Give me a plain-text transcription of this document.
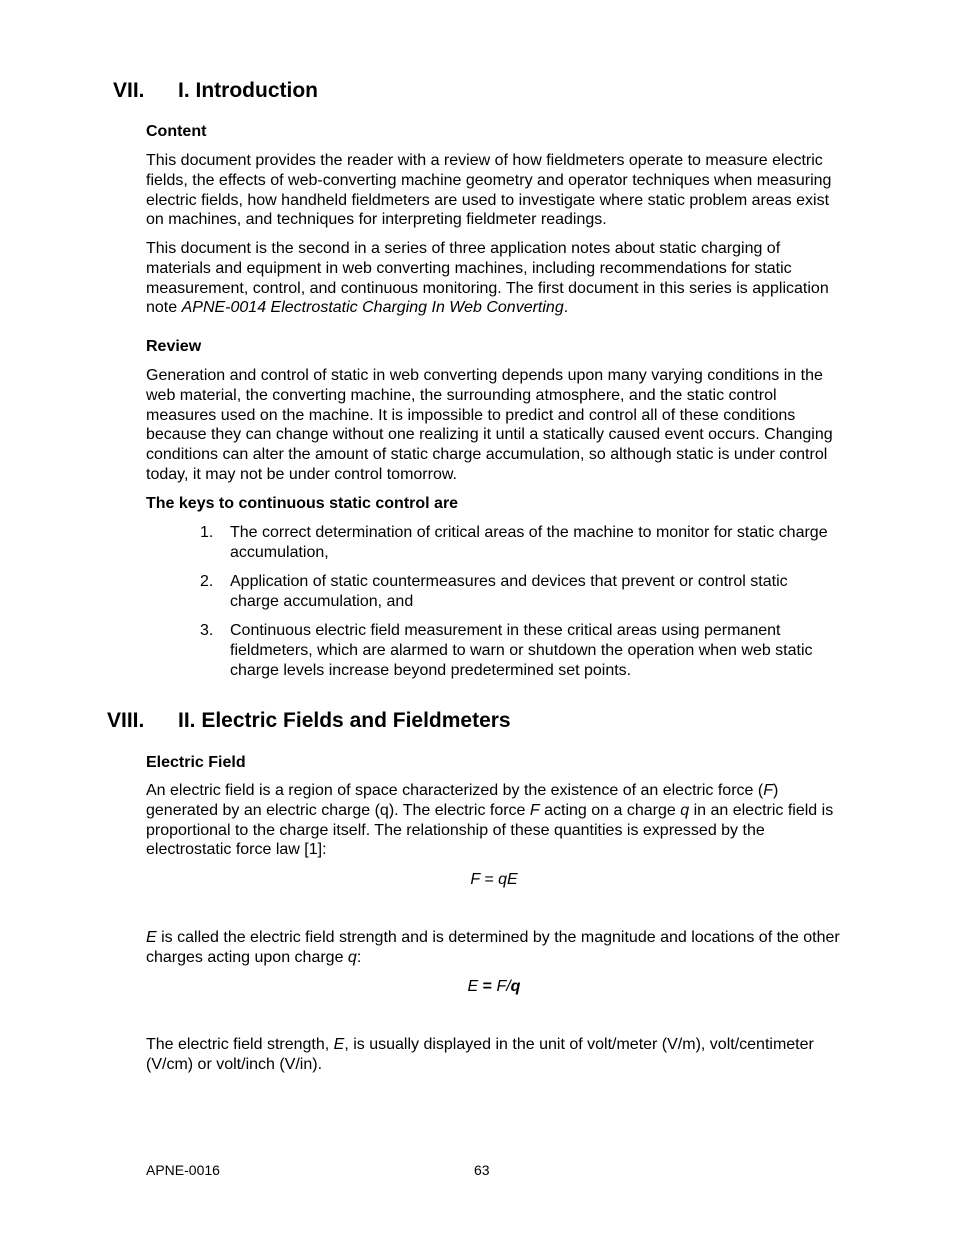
VII. I. Introduction
Content
This document provides the reader with a review of how fieldmeters operate to measure electric fields, the effects of web-converting machine geometry and operator techniques when measuring electric fields, how handheld fieldmeters are used to investigate where static problem areas exist on machines, and techniques for interpreting fieldmeter readings.
This document is the second in a series of three application notes about static charging of materials and equipment in web converting machines, including recommendations for static measurement, control, and continuous monitoring. The first document in this series is application note APNE-0014 Electrostatic Charging In Web Converting.
Review
Generation and control of static in web converting depends upon many varying conditions in the web material, the converting machine, the surrounding atmosphere, and the static control measures used on the machine. It is impossible to predict and control all of these conditions because they can change without one realizing it until a statically caused event occurs. Changing conditions can alter the amount of static charge accumulation, so although static is under control today, it may not be under control tomorrow.
The keys to continuous static control are
1. The correct determination of critical areas of the machine to monitor for static charge accumulation,
2. Application of static countermeasures and devices that prevent or control static charge accumulation, and
3. Continuous electric field measurement in these critical areas using permanent fieldmeters, which are alarmed to warn or shutdown the operation when web static charge levels increase beyond predetermined set points.
VIII. II. Electric Fields and Fieldmeters
Electric Field
An electric field is a region of space characterized by the existence of an electric force (F) generated by an electric charge (q). The electric force F acting on a charge q in an electric field is proportional to the charge itself. The relationship of these quantities is expressed by the electrostatic force law [1]:
F = qE
E is called the electric field strength and is determined by the magnitude and locations of the other charges acting upon charge q:
E = F/q
The electric field strength, E, is usually displayed in the unit of volt/meter (V/m), volt/centimeter (V/cm) or volt/inch (V/in).
APNE-0016	63
